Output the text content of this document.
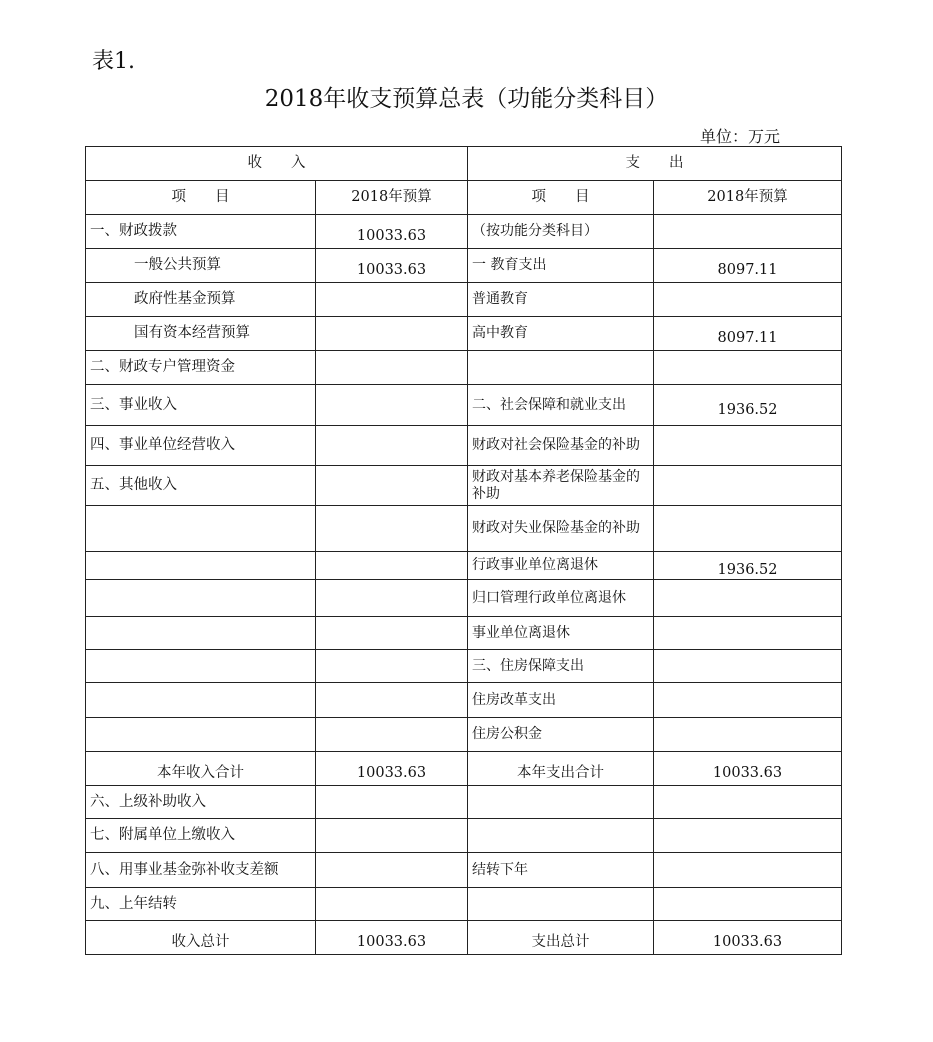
表1.
2018年收支预算总表（功能分类科目）
单位：万元
收　　入		支　　出	
项　　目	2018年预算	项　　目	2018年预算
一、财政拨款	10033.63	（按功能分类科目）	
一般公共预算	10033.63	一 教育支出	8097.11
政府性基金预算		普通教育	
国有资本经营预算		高中教育	8097.11
二、财政专户管理资金			
三、事业收入		二、社会保障和就业支出	1936.52
四、事业单位经营收入		财政对社会保险基金的补助	
五、其他收入		财政对基本养老保险基金的补助	
		财政对失业保险基金的补助	
		行政事业单位离退休	1936.52
		归口管理行政单位离退休	
		事业单位离退休	
		三、住房保障支出	
		住房改革支出	
		住房公积金	
本年收入合计	10033.63	本年支出合计	10033.63
六、上级补助收入			
七、附属单位上缴收入			
八、用事业基金弥补收支差额		结转下年	
九、上年结转			
收入总计	10033.63	支出总计	10033.63
